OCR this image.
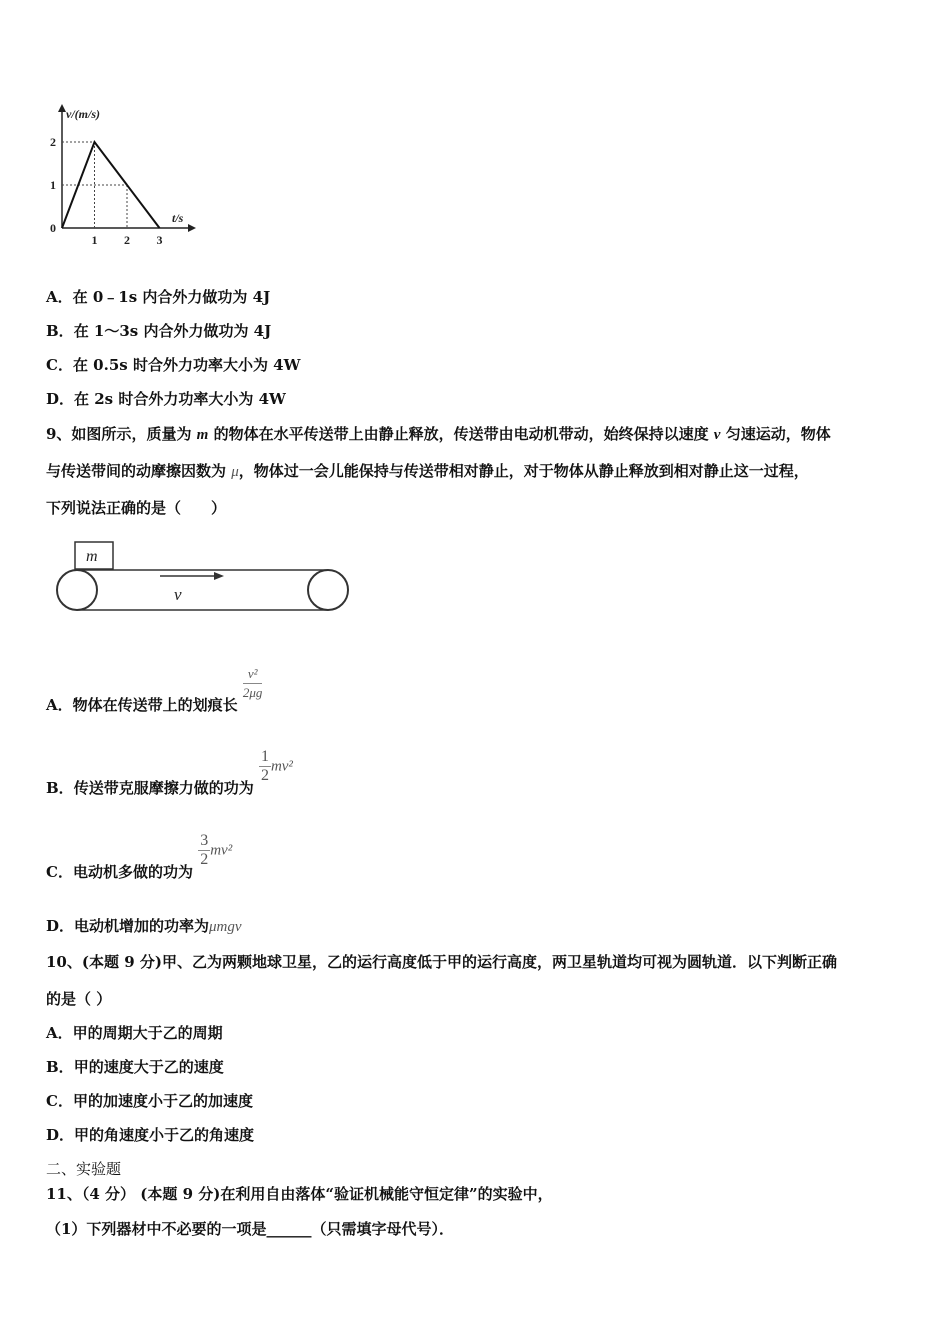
v/(m/s)
t/s
1 2 3
0
1
2
A．在 0﹣1s 内合外力做功为 4J
B．在 1～3s 内合外力做功为 4J
C．在 0.5s 时合外力功率大小为 4W
D．在 2s 时合外力功率大小为 4W
9、如图所示，质量为 m 的物体在水平传送带上由静止释放，传送带由电动机带动，始终保持以速度 v 匀速运动，物体
与传送带间的动摩擦因数为 μ，物体过一会儿能保持与传送带相对静止，对于物体从静止释放到相对静止这一过程，
下列说法正确的是（　　）
m
v
A．物体在传送带上的划痕长
$\frac{\text{v²}}{2\mu g}$
B．传送带克服摩擦力做的功为
$\frac{1}{2} mv^2$
C．电动机多做的功为
$\frac{3}{2} mv^2$
D．电动机增加的功率为μmgv
10、(本题 9 分)甲、乙为两颗地球卫星，乙的运行高度低于甲的运行高度，两卫星轨道均可视为圆轨道．以下判断正确
的是（ ）
A．甲的周期大于乙的周期
B．甲的速度大于乙的速度
C．甲的加速度小于乙的加速度
D．甲的角速度小于乙的角速度
二、实验题
11、（4 分） (本题 9 分)在利用自由落体“验证机械能守恒定律”的实验中，
（1）下列器材中不必要的一项是______（只需填字母代号）．
